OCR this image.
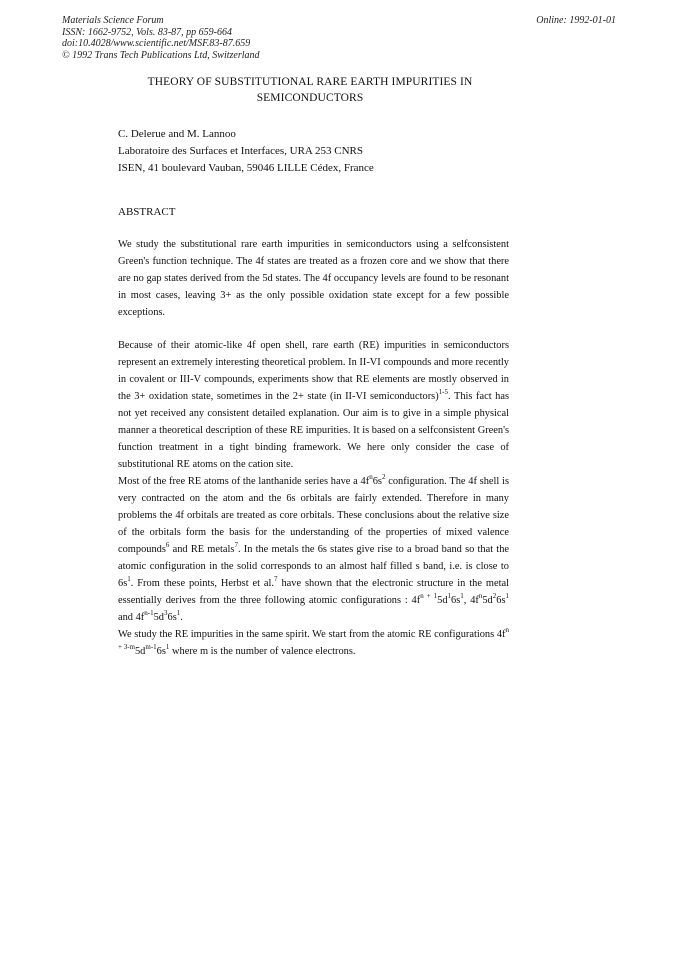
Materials Science Forum
ISSN: 1662-9752, Vols. 83-87, pp 659-664
doi:10.4028/www.scientific.net/MSF.83-87.659
© 1992 Trans Tech Publications Ltd, Switzerland
Online: 1992-01-01
THEORY OF SUBSTITUTIONAL RARE EARTH IMPURITIES IN
SEMICONDUCTORS
C. Delerue and M. Lannoo
Laboratoire des Surfaces et Interfaces, URA 253 CNRS
ISEN, 41 boulevard Vauban, 59046 LILLE Cédex, France
ABSTRACT
We study the substitutional rare earth impurities in semiconductors using a selfconsistent Green's function technique. The 4f states are treated as a frozen core and we show that there are no gap states derived from the 5d states. The 4f occupancy levels are found to be resonant in most cases, leaving 3+ as the only possible oxidation state except for a few possible exceptions.

Because of their atomic-like 4f open shell, rare earth (RE) impurities in semiconductors represent an extremely interesting theoretical problem. In II-VI compounds and more recently in covalent or III-V compounds, experiments show that RE elements are mostly observed in the 3+ oxidation state, sometimes in the 2+ state (in II-VI semiconductors)$^{1-5}$. This fact has not yet received any consistent detailed explanation. Our aim is to give in a simple physical manner a theoretical description of these RE impurities. It is based on a selfconsistent Green's function treatment in a tight binding framework. We here only consider the case of substitutional RE atoms on the cation site.

Most of the free RE atoms of the lanthanide series have a $4f^n6s^2$ configuration. The 4f shell is very contracted on the atom and the 6s orbitals are fairly extended. Therefore in many problems the 4f orbitals are treated as core orbitals. These conclusions about the relative size of the orbitals form the basis for the understanding of the properties of mixed valence compounds$^6$ and RE metals$^7$. In the metals the 6s states give rise to a broad band so that the atomic configuration in the solid corresponds to an almost half filled s band, i.e. is close to $6s^1$. From these points, Herbst et al.$^7$ have shown that the electronic structure in the metal essentially derives from the three following atomic configurations : $4f^{n + 1}5d^16s^1$, $4f^n5d^26s^1$ and $4f^{n-1}5d^36s^1$.

We study the RE impurities in the same spirit. We start from the atomic RE configurations $4f^{n + 3-m}5d^{m-1}6s^1$ where m is the number of valence electrons.
